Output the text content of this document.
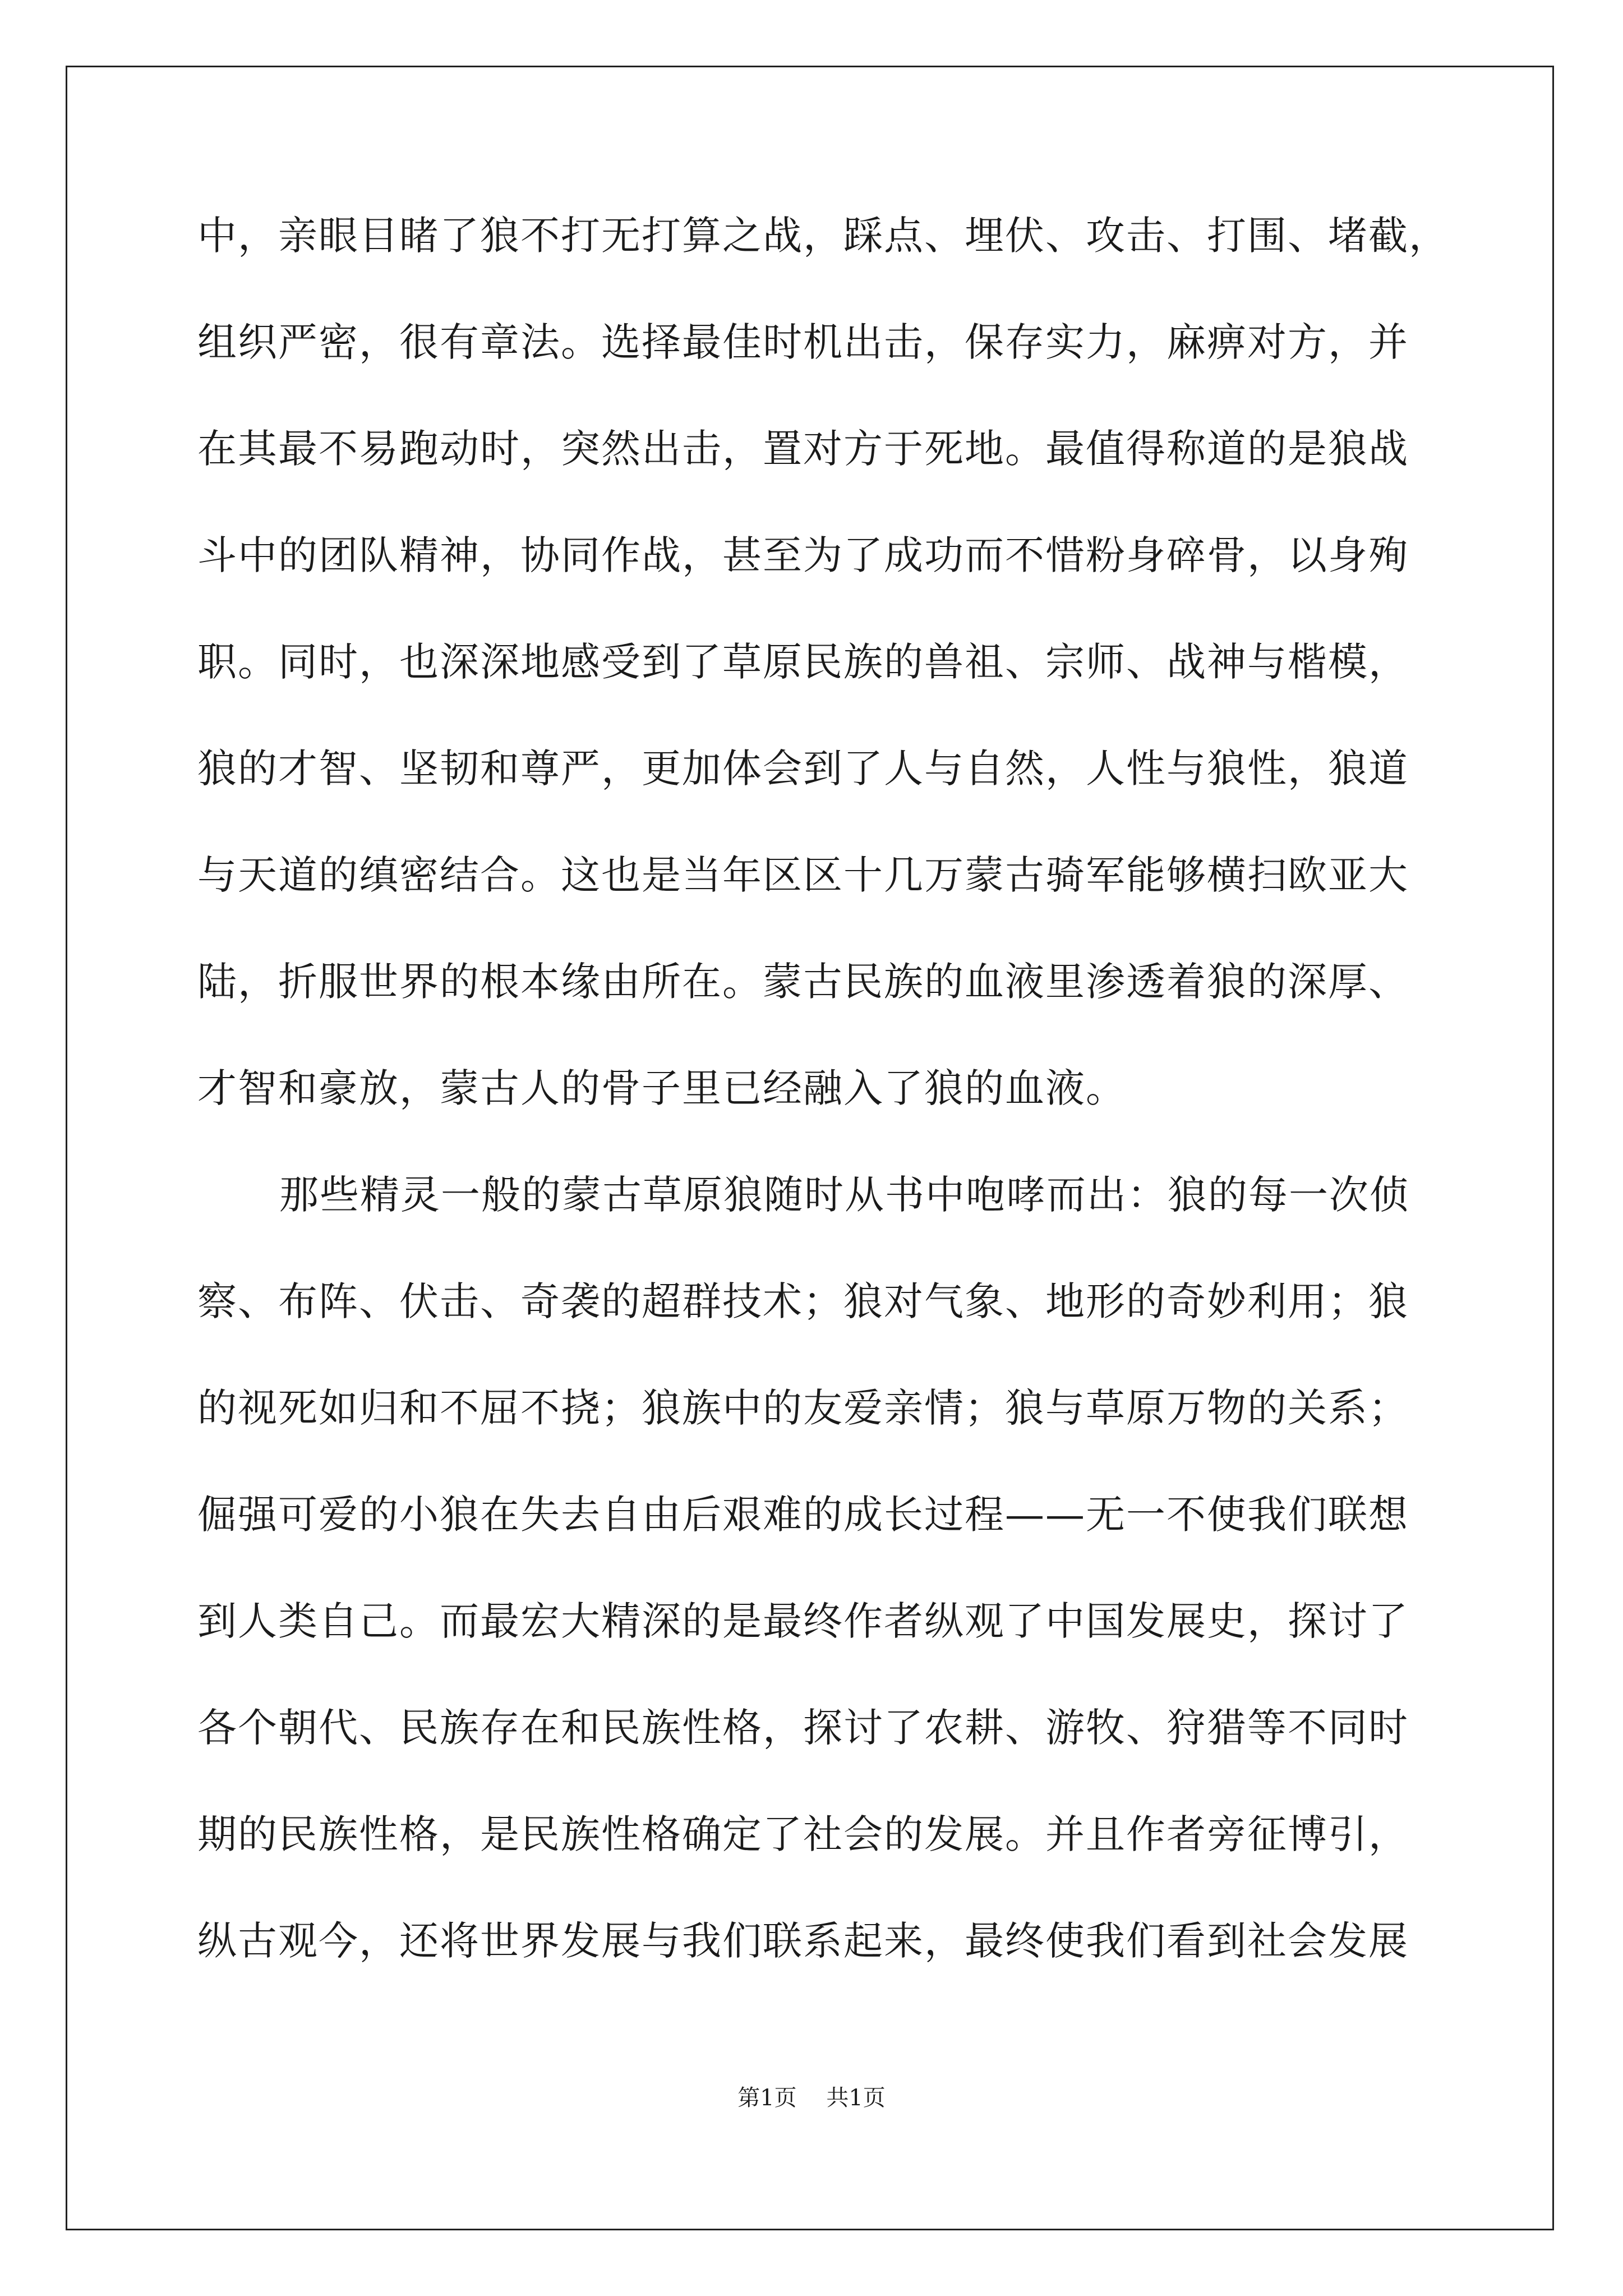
中，亲眼目睹了狼不打无打算之战，踩点、埋伏、攻击、打围、堵截，
组织严密，很有章法。选择最佳时机出击，保存实力，麻痹对方，并
在其最不易跑动时，突然出击，置对方于死地。最值得称道的是狼战
斗中的团队精神，协同作战，甚至为了成功而不惜粉身碎骨，以身殉
职。同时，也深深地感受到了草原民族的兽祖、宗师、战神与楷模，
狼的才智、坚韧和尊严，更加体会到了人与自然，人性与狼性，狼道
与天道的缜密结合。这也是当年区区十几万蒙古骑军能够横扫欧亚大
陆，折服世界的根本缘由所在。蒙古民族的血液里渗透着狼的深厚、
才智和豪放，蒙古人的骨子里已经融入了狼的血液。
那些精灵一般的蒙古草原狼随时从书中咆哮而出：狼的每一次侦
察、布阵、伏击、奇袭的超群技术；狼对气象、地形的奇妙利用；狼
的视死如归和不屈不挠；狼族中的友爱亲情；狼与草原万物的关系；
倔强可爱的小狼在失去自由后艰难的成长过程——无一不使我们联想
到人类自己。而最宏大精深的是最终作者纵观了中国发展史，探讨了
各个朝代、民族存在和民族性格，探讨了农耕、游牧、狩猎等不同时
期的民族性格，是民族性格确定了社会的发展。并且作者旁征博引，
纵古观今，还将世界发展与我们联系起来，最终使我们看到社会发展
第1页 共1页
